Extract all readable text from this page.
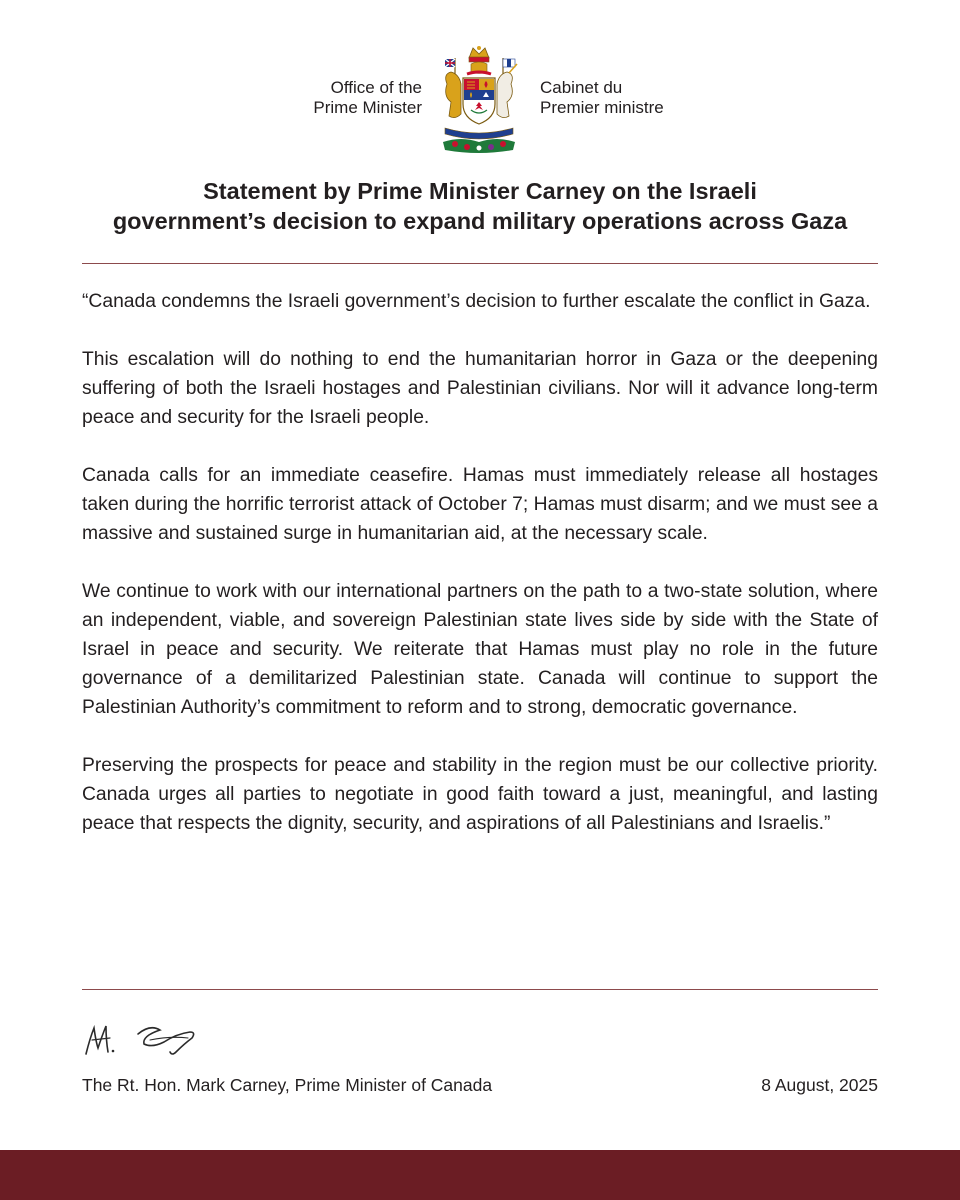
Office of the
Prime Minister
Cabinet du
Premier ministre
Statement by Prime Minister Carney on the Israeli
government’s decision to expand military operations across Gaza

“Canada condemns the Israeli government’s decision to further escalate the conflict in Gaza.

This escalation will do nothing to end the humanitarian horror in Gaza or the deepening suffering of both the Israeli hostages and Palestinian civilians. Nor will it advance long-term peace and security for the Israeli people.

Canada calls for an immediate ceasefire. Hamas must immediately release all hostages taken during the horrific terrorist attack of October 7; Hamas must disarm; and we must see a massive and sustained surge in humanitarian aid, at the necessary scale.

We continue to work with our international partners on the path to a two-state solution, where an independent, viable, and sovereign Palestinian state lives side by side with the State of Israel in peace and security. We reiterate that Hamas must play no role in the future governance of a demilitarized Palestinian state. Canada will continue to support the Palestinian Authority’s commitment to reform and to strong, democratic governance.

Preserving the prospects for peace and stability in the region must be our collective priority. Canada urges all parties to negotiate in good faith toward a just, meaningful, and lasting peace that respects the dignity, security, and aspirations of all Palestinians and Israelis.”

The Rt. Hon. Mark Carney, Prime Minister of Canada	8 August, 2025
